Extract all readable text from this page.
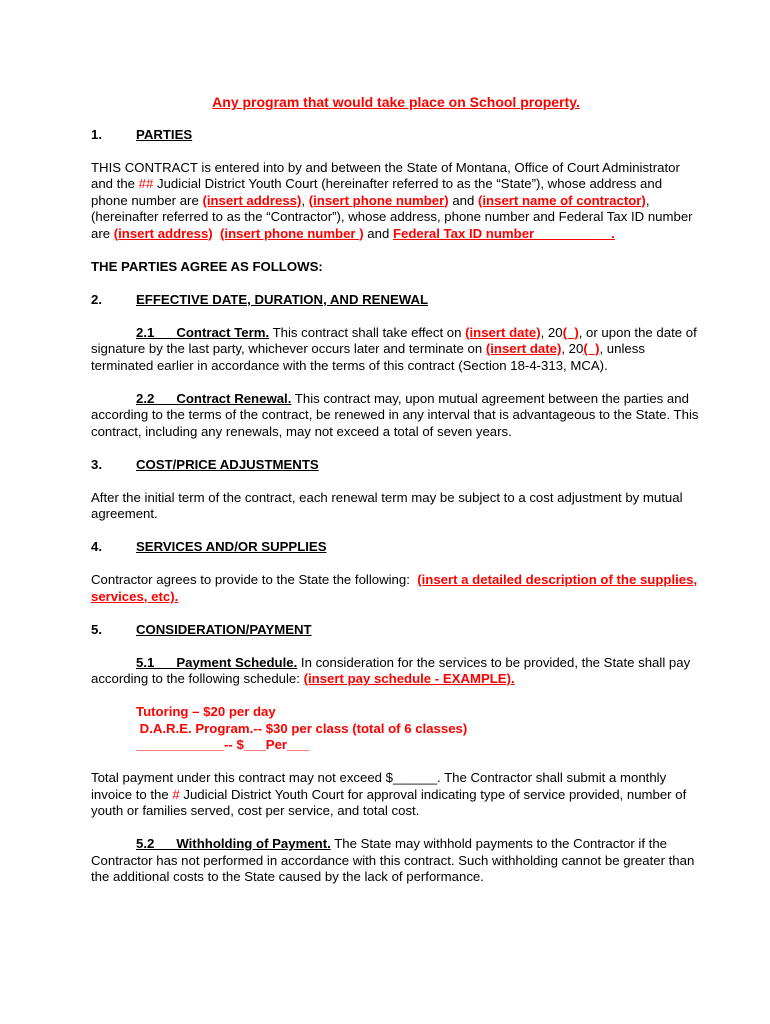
Any program that would take place on School property.
1.	PARTIES

THIS CONTRACT is entered into by and between the State of Montana, Office of Court Administrator and the ## Judicial District Youth Court (hereinafter referred to as the “State”), whose address and phone number are (insert address), (insert phone number) and (insert name of contractor), (hereinafter referred to as the “Contractor”), whose address, phone number and Federal Tax ID number are (insert address) (insert phone number ) and Federal Tax ID number                     .

THE PARTIES AGREE AS FOLLOWS:

2.	EFFECTIVE DATE, DURATION, AND RENEWAL

2.1      Contract Term. This contract shall take effect on (insert date), 20(  ), or upon the date of signature by the last party, whichever occurs later and terminate on (insert date), 20(  ), unless terminated earlier in accordance with the terms of this contract (Section 18-4-313, MCA).

2.2      Contract Renewal. This contract may, upon mutual agreement between the parties and according to the terms of the contract, be renewed in any interval that is advantageous to the State. This contract, including any renewals, may not exceed a total of seven years.

3.	COST/PRICE ADJUSTMENTS

After the initial term of the contract, each renewal term may be subject to a cost adjustment by mutual agreement.

4.	SERVICES AND/OR SUPPLIES

Contractor agrees to provide to the State the following:  (insert a detailed description of the supplies, services, etc).

5.	CONSIDERATION/PAYMENT

5.1      Payment Schedule. In consideration for the services to be provided, the State shall pay according to the following schedule: (insert pay schedule - EXAMPLE).

Tutoring – $20 per day
D.A.R.E. Program.-- $30 per class (total of 6 classes)
____________-- $___Per___

Total payment under this contract may not exceed $______. The Contractor shall submit a monthly invoice to the # Judicial District Youth Court for approval indicating type of service provided, number of youth or families served, cost per service, and total cost.

5.2      Withholding of Payment. The State may withhold payments to the Contractor if the Contractor has not performed in accordance with this contract. Such withholding cannot be greater than the additional costs to the State caused by the lack of performance.
